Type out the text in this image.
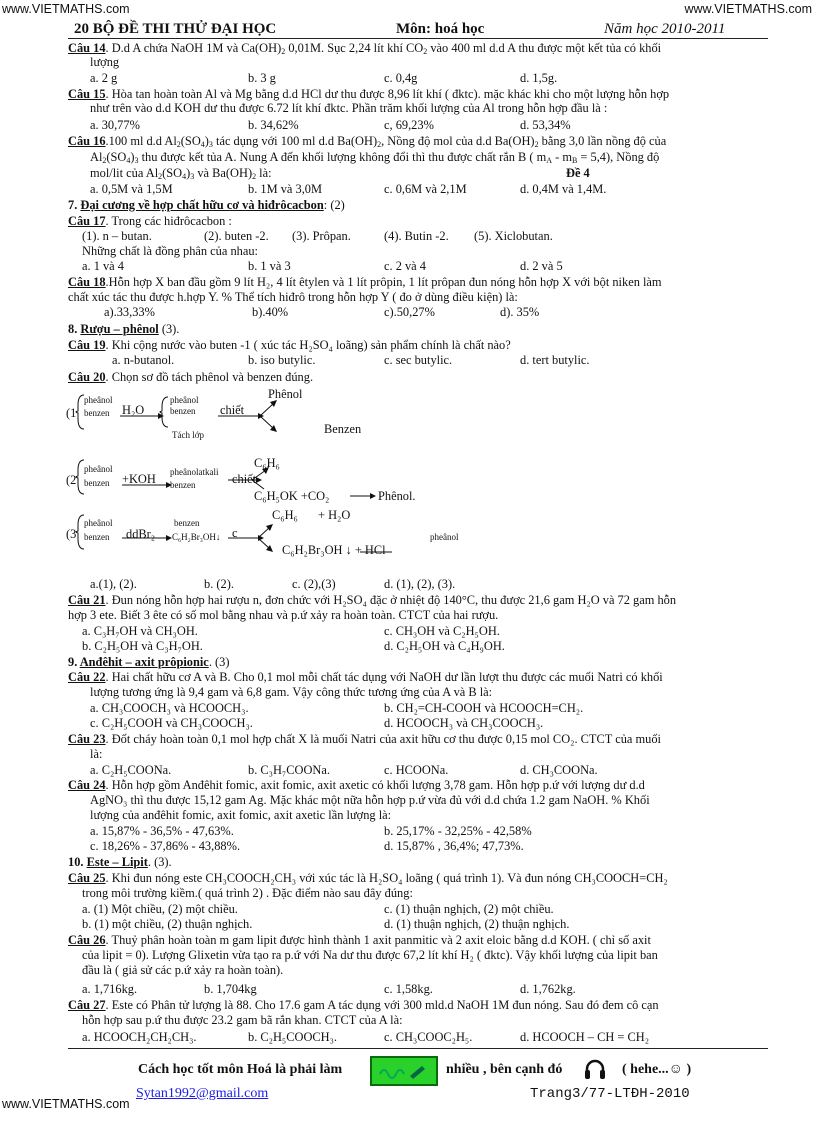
www.VIETMATHS.com	www.VIETMATHS.com
20 BỘ ĐỀ THI THỬ ĐẠI HỌC	Môn: hoá học	Năm học 2010-2011
Câu 14. D.d A chứa NaOH 1M và $Ca(OH)_2$ 0,01M. Sục 2,24 lít khí $CO_2$ vào 400 ml d.d A thu được một kết tủa có khối
lượng
a. 2 g	b. 3 g	c. 0,4g	d. 1,5g.
Câu 15. Hòa tan hoàn toàn Al và Mg bằng d.d HCl dư thu được 8,96 lít khí ( đktc). mặc khác khi cho một lượng hỗn hợp
như trên vào d.d KOH dư thu được 6.72 lít khí đktc. Phần trăm khối lượng của Al trong hỗn hợp đầu là :
a. 30,77%	b. 34,62%	c, 69,23%	d. 53,34%
Câu 16.100 ml d.d $Al_2(SO_4)_3$ tác dụng với 100 ml d.d $Ba(OH)_2$, Nồng độ mol của d.d $Ba(OH)_2$ bằng 3,0 lần nồng độ của
$Al_2(SO_4)_3$ thu được kết tủa A. Nung A đến khối lượng không đổi thì thu được chất rắn B ( $m_A - m_B = 5,4$), Nồng độ
mol/lit của $Al_2(SO_4)_3$ và $Ba(OH)_2$ là:	Đề 4
a. 0,5M và 1,5M	b. 1M và 3,0M	c. 0,6M và 2,1M	d. 0,4M và 1,4M.
7. Đại cương về hợp chất hữu cơ và hiđrôcacbon: (2)
Câu 17. Trong các hiđrôcacbon :
(1). n – butan.	(2). buten -2. (3). Prôpan.	(4). Butin -2. (5). Xiclobutan.
Những chất là đồng phân của nhau:
a. 1 và 4	b. 1 và 3	c. 2 và 4	d. 2 và 5
Câu 18.Hỗn hợp X ban đầu gồm 9 lít H₂, 4 lít êtylen và 1 lít prôpin, 1 lít prôpan đun nóng hỗn hợp X với bột niken làm
chất xúc tác thu được h.hợp Y. % Thể tích hiđrô trong hỗn hợp Y ( đo ở dùng điều kiện) là:
a).33,33%	b).40%	c).50,27%	d). 35%
8. Rượu – phênol (3).
Câu 19. Khi cộng nước vào buten -1 ( xúc tác H₂SO₄ loãng) sản phẩm chính là chất nào?
a. n-butanol.	b. iso butylic.	c. sec butylic.	d. tert butylic.
Câu 20. Chọn sơ đồ tách phênol và benzen đúng.
(1
pheânol
benzen H₂O
pheânol
benzen
Tách lớp
chiết
Phênol
Benzen
(2
pheânol
benzen +KOH pheânolatkali
benzen	chiết
C₆H₆
C₆H₅OK +CO₂	Phênol.
(3
pheânol
benzen ddBr₂
benzen
C₆H₂Br₃OH↓ c
C₆H₆ + H₂O
C₆H₂Br₃OH ↓ + HCl
pheânol
a.(1), (2).	b. (2).	c. (2),(3)	d. (1), (2), (3).
Câu 21. Đun nóng hỗn hợp hai rượu n, đơn chức với H₂SO₄ đặc ở nhiệt độ 140°C, thu được 21,6 gam H₂O và 72 gam hỗn
hợp 3 ete. Biết 3 ête có số mol bằng nhau và p.ứ xảy ra hoàn toàn. CTCT của hai rượu.
a. C₃H₇OH và CH₃OH.	c. CH₃OH và C₂H₅OH.
b. C₂H₅OH và C₃H₇OH.	d. C₂H₅OH và C₄H₉OH.
9. Anđêhit – axit prôpionic. (3)
Câu 22. Hai chất hữu cơ A và B. Cho 0,1 mol mỗi chất tác dụng với NaOH dư lần lượt thu được các muối Natri có khối
lượng tương ứng là 9,4 gam và 6,8 gam. Vậy công thức tương ứng của A và B là:
a. CH₃COOCH₃ và HCOOCH₃.	b. CH₂=CH-COOH và HCOOCH=CH₂.
c. C₂H₅COOH và CH₃COOCH₃.	d. HCOOCH₃ và CH₃COOCH₃.
Câu 23. Đốt cháy hoàn toàn 0,1 mol hợp chất X là muối Natri của axit hữu cơ thu được 0,15 mol CO₂. CTCT của muối
là:
a. C₂H₅COONa.	b. C₃H₇COONa.	c. HCOONa.	d. CH₃COONa.
Câu 24. Hỗn hợp gồm Anđêhit fomic, axit fomic, axit axetic có khối lượng 3,78 gam. Hỗn hợp p.ứ với lượng dư d.d
AgNO₃ thì thu được 15,12 gam Ag. Mặc khác một nữa hỗn hợp p.ứ vừa đủ với d.d chứa 1.2 gam NaOH. % Khối
lượng của anđêhit fomic, axit fomic, axit axetic lần lượng là:
a. 15,87% - 36,5% - 47,63%.	b. 25,17% - 32,25% - 42,58%
c. 18,26% - 37,86% - 43,88%.	d. 15,87% , 36,4%; 47,73%.
10. Este – Lipit. (3).
Câu 25. Khi đun nóng este CH₃COOCH₂CH₃ với xúc tác là H₂SO₄ loãng ( quá trình 1). Và đun nóng CH₃COOCH=CH₂
trong môi trường kiềm.( quá trình 2) . Đặc điểm nào sau đây đúng:
a. (1) Một chiều, (2) một chiều.	c. (1) thuận nghịch, (2) một chiều.
b. (1) một chiều, (2) thuận nghịch.	d. (1) thuận nghịch, (2) thuận nghịch.
Câu 26. Thuỷ phân hoàn toàn m gam lipit được hình thành 1 axit panmitic và 2 axit eloic bằng d.d KOH. ( chỉ số axit
của lipit = 0). Lượng Glixetin vừa tạo ra p.ứ với Na dư thu được 67,2 lít khí H₂ ( đktc). Vậy khối lượng của lipit ban
đầu là ( giả sử các p.ứ xảy ra hoàn toàn).
a. 1,716kg.	b. 1,704kg	c. 1,58kg.	d. 1,762kg.
Câu 27. Este có Phân tử lượng là 88. Cho 17.6 gam A tác dụng với 300 mld.d NaOH 1M đun nóng. Sau đó đem cô cạn
hỗn hợp sau p.ứ thu được 23.2 gam bã rắn khan. CTCT của A là:
a. HCOOCH₂CH₂CH₃.	b. C₂H₅COOCH₃.	c. CH₃COOC₂H₅.	d. HCOOCH – CH = CH₂
Cách học tốt môn Hoá là phải làm	nhiều , bên cạnh đó	( hehe...☺ )
Sytan1992@gmail.com	Trang3/77-LTĐH-2010
www.VIETMATHS.com
